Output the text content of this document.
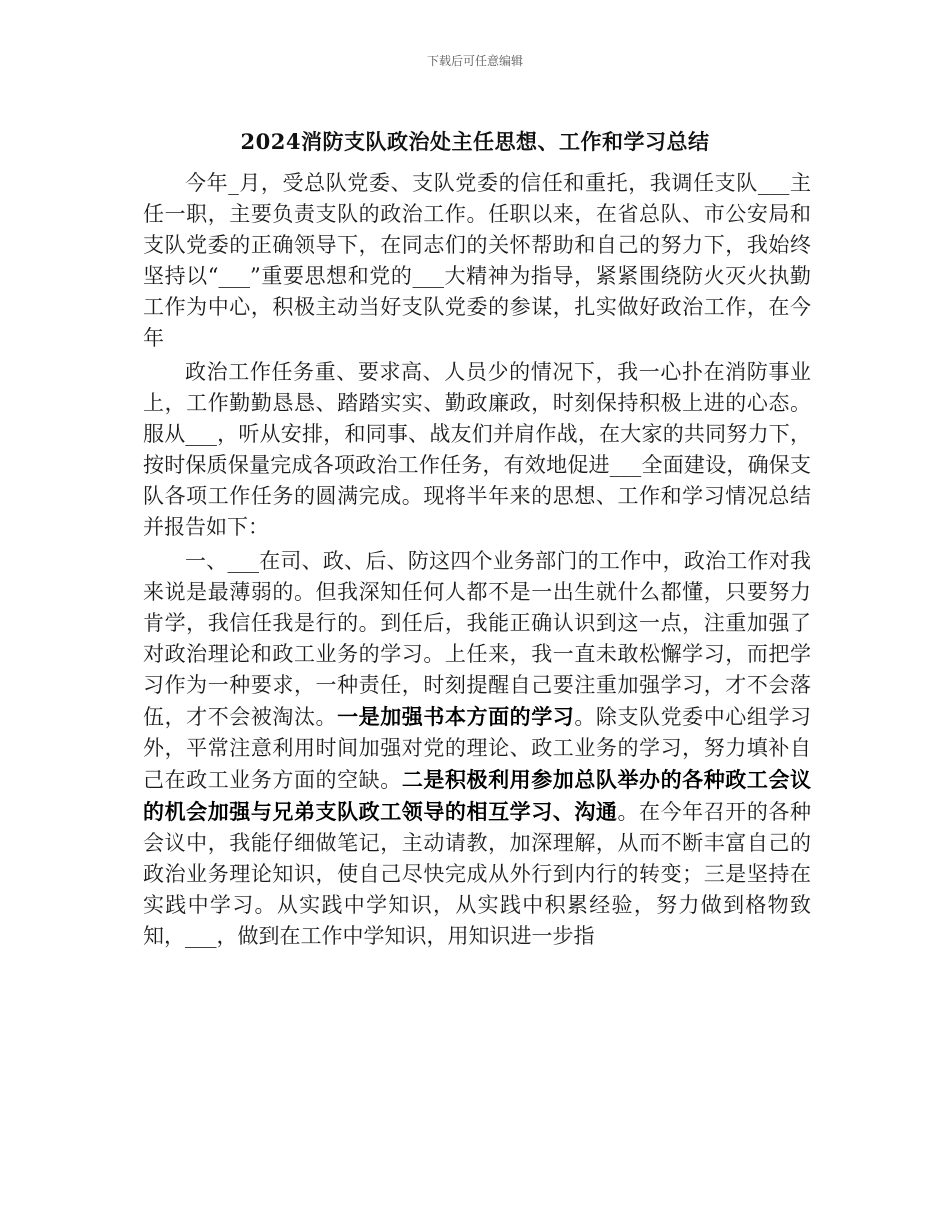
下载后可任意编辑
2024消防支队政治处主任思想、工作和学习总结

今年_月，受总队党委、支队党委的信任和重托，我调任支队___主任一职，主要负责支队的政治工作。任职以来，在省总队、市公安局和支队党委的正确领导下，在同志们的关怀帮助和自己的努力下，我始终坚持以“___”重要思想和党的___大精神为指导，紧紧围绕防火灭火执勤工作为中心，积极主动当好支队党委的参谋，扎实做好政治工作，在今年

政治工作任务重、要求高、人员少的情况下，我一心扑在消防事业上，工作勤勤恳恳、踏踏实实、勤政廉政，时刻保持积极上进的心态。服从___，听从安排，和同事、战友们并肩作战，在大家的共同努力下，按时保质保量完成各项政治工作任务，有效地促进___全面建设，确保支队各项工作任务的圆满完成。现将半年来的思想、工作和学习情况总结并报告如下：

一、___在司、政、后、防这四个业务部门的工作中，政治工作对我来说是最薄弱的。但我深知任何人都不是一出生就什么都懂，只要努力肯学，我信任我是行的。到任后，我能正确认识到这一点，注重加强了对政治理论和政工业务的学习。上任来，我一直未敢松懈学习，而把学习作为一种要求，一种责任，时刻提醒自己要注重加强学习，才不会落伍，才不会被淘汰。一是加强书本方面的学习。除支队党委中心组学习外，平常注意利用时间加强对党的理论、政工业务的学习，努力填补自己在政工业务方面的空缺。二是积极利用参加总队举办的各种政工会议的机会加强与兄弟支队政工领导的相互学习、沟通。在今年召开的各种会议中，我能仔细做笔记，主动请教，加深理解，从而不断丰富自己的政治业务理论知识，使自己尽快完成从外行到内行的转变；三是坚持在实践中学习。从实践中学知识，从实践中积累经验，努力做到格物致知，___，做到在工作中学知识，用知识进一步指
